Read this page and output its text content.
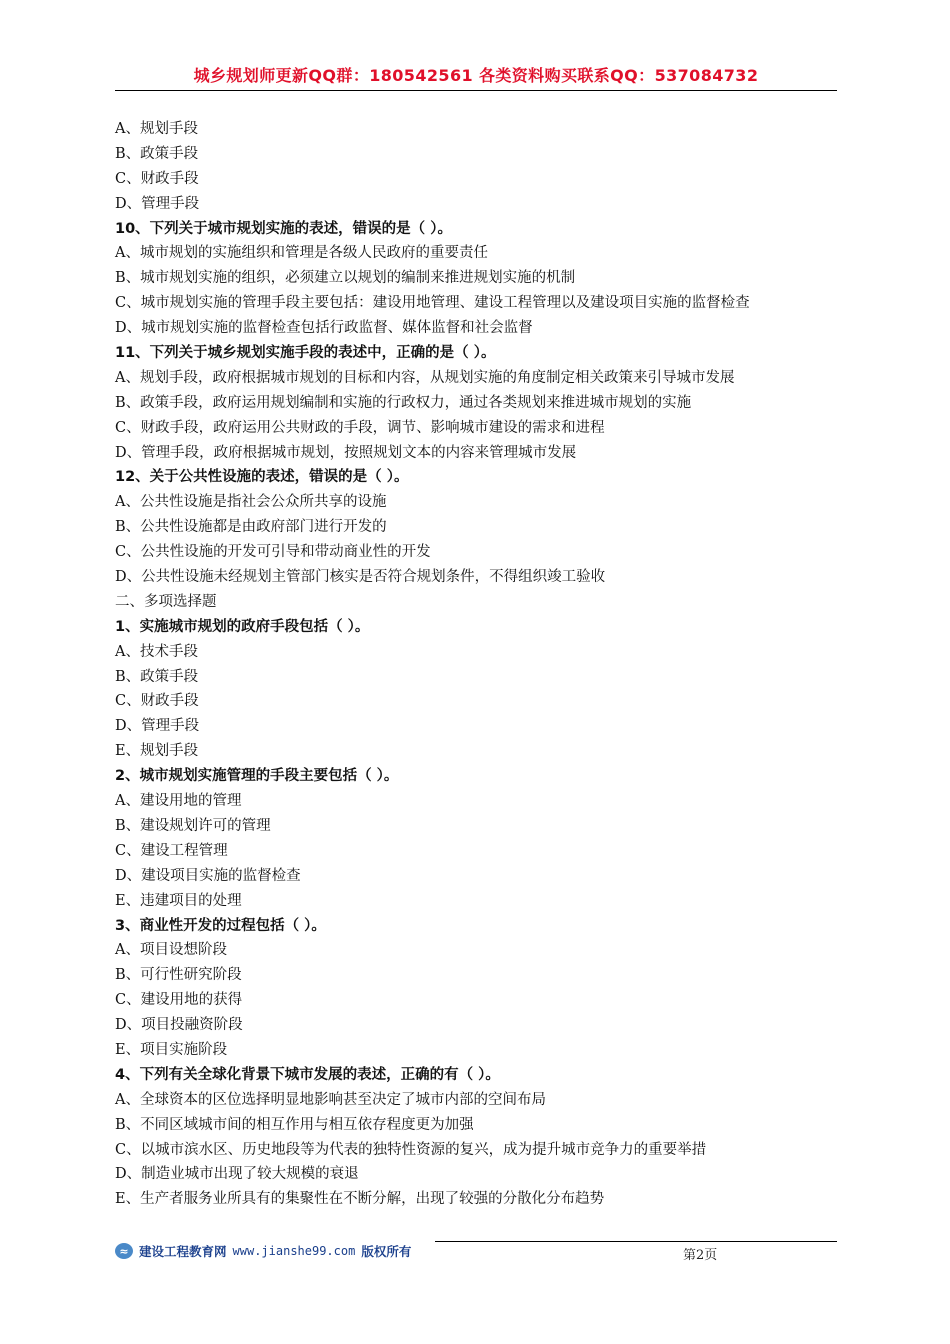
城乡规划师更新QQ群：180542561 各类资料购买联系QQ：537084732
A、规划手段
B、政策手段
C、财政手段
D、管理手段
10、下列关于城市规划实施的表述，错误的是（ ）。
A、城市规划的实施组织和管理是各级人民政府的重要责任
B、城市规划实施的组织，必须建立以规划的编制来推进规划实施的机制
C、城市规划实施的管理手段主要包括：建设用地管理、建设工程管理以及建设项目实施的监督检查
D、城市规划实施的监督检查包括行政监督、媒体监督和社会监督
11、下列关于城乡规划实施手段的表述中，正确的是（ ）。
A、规划手段，政府根据城市规划的目标和内容，从规划实施的角度制定相关政策来引导城市发展
B、政策手段，政府运用规划编制和实施的行政权力，通过各类规划来推进城市规划的实施
C、财政手段，政府运用公共财政的手段，调节、影响城市建设的需求和进程
D、管理手段，政府根据城市规划，按照规划文本的内容来管理城市发展
12、关于公共性设施的表述，错误的是（ ）。
A、公共性设施是指社会公众所共享的设施
B、公共性设施都是由政府部门进行开发的
C、公共性设施的开发可引导和带动商业性的开发
D、公共性设施未经规划主管部门核实是否符合规划条件，不得组织竣工验收
二、多项选择题
1、实施城市规划的政府手段包括（ ）。
A、技术手段
B、政策手段
C、财政手段
D、管理手段
E、规划手段
2、城市规划实施管理的手段主要包括（ ）。
A、建设用地的管理
B、建设规划许可的管理
C、建设工程管理
D、建设项目实施的监督检查
E、违建项目的处理
3、商业性开发的过程包括（ ）。
A、项目设想阶段
B、可行性研究阶段
C、建设用地的获得
D、项目投融资阶段
E、项目实施阶段
4、下列有关全球化背景下城市发展的表述，正确的有（ ）。
A、全球资本的区位选择明显地影响甚至决定了城市内部的空间布局
B、不同区域城市间的相互作用与相互依存程度更为加强
C、以城市滨水区、历史地段等为代表的独特性资源的复兴，成为提升城市竞争力的重要举措
D、制造业城市出现了较大规模的衰退
E、生产者服务业所具有的集聚性在不断分解，出现了较强的分散化分布趋势
≈ 建设工程教育网 www.jianshe99.com 版权所有	第2页
